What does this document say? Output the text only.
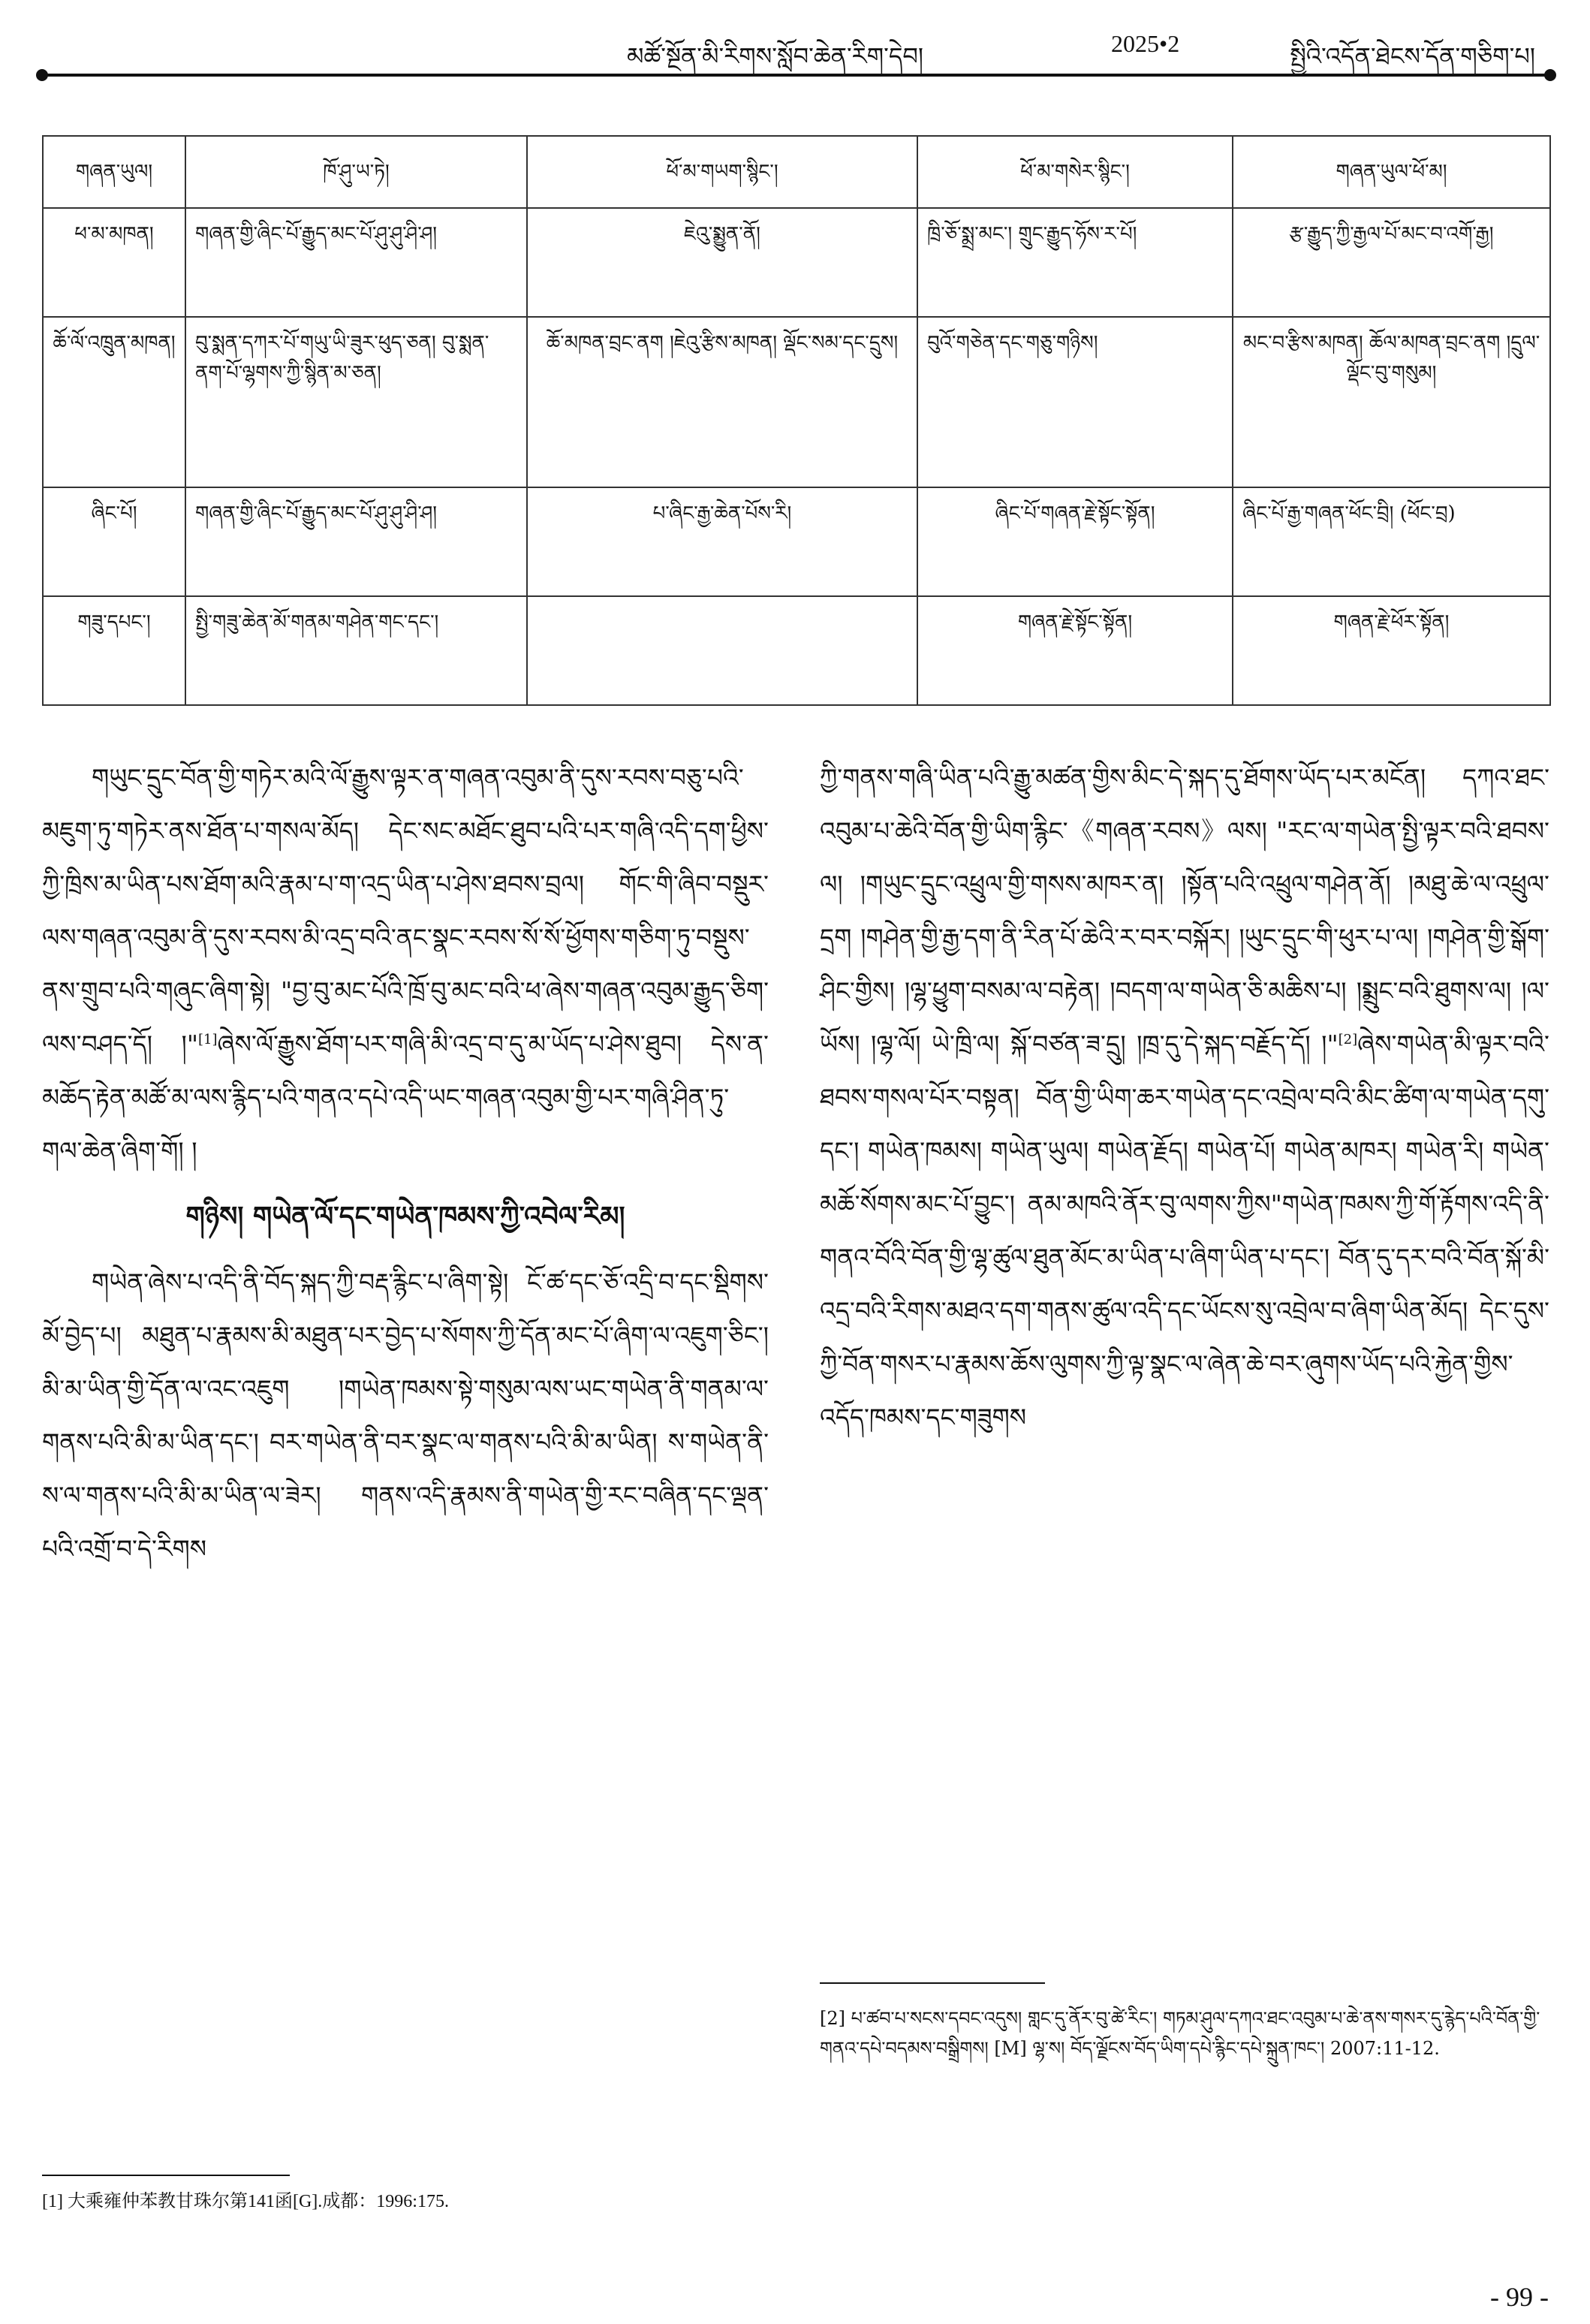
མཚོ་སྔོན་མི་རིགས་སློབ་ཆེན་རིག་དེབ།	2025•2	སྤྱིའི་འདོན་ཐེངས་དོན་གཅིག་པ།
གཞན་ཡུལ།	ཁོ་ཤུ་ཡ་ཏེ།	ཕོ་མ་གཡག་སྙིང་།	ཕོ་མ་གསེར་སྙིང་།	གཞན་ཡུལ་ཕོ་མ།
ཕ་མ་མཁན།	གཞན་གྱི་ཞིང་པོ་རྒྱུད་མང་པོ་ཤུ་ཤུ་ཤི་ཤ།	ཇེའུ་སྨྱུན་ནོ།	ཁྲི་ཅོ་སྨྲ་མང་། གྲུང་རྒྱུད་ཧོས་ར་པོ།	རྩ་རྒྱུད་ཀྱི་རྒྱལ་པོ་མང་བ་འགོ་རྒྱ།
ཆོ་ལོ་འཁྲུན་མཁན།	བུ་སྨན་དཀར་པོ་གཡུ་ཡི་ཟུར་ཕུད་ཅན། བུ་སྨན་ནག་པོ་ལྷགས་ཀྱི་སྙིན་མ་ཅན།	ཆོ་མཁན་བྲང་ནག །ཇེའུ་རྩིས་མཁན། ལྡོང་སམ་དང་དྲུས།	བུའོ་གཅེན་དང་གཅུ་གཉིས།	མང་བ་རྩིས་མཁན། ཆོལ་མཁན་བྲང་ནག །དྲུལ་ལྡོང་བུ་གསུམ།
ཞིང་པོ།	གཞན་གྱི་ཞིང་པོ་རྒྱུད་མང་པོ་ཤུ་ཤུ་ཤི་ཤ།	པ་ཞིང་རྒྱ་ཆེན་པོས་རི།	ཞིང་པོ་གཞན་རྗེ་སྟོང་སྟོན།	ཞིང་པོ་རྒྱ་གཞན་ཕོང་བྲི། (ཕོང་བྲ)
གཟུ་དཔང་།	སྤྱི་གཟུ་ཆེན་མོ་གནམ་གཤེན་གང་དང་།		གཞན་རྗེ་སྟོང་སྟོན།	གཞན་རྗེ་ཕོར་སྟོན།

གཡུང་དྲུང་བོན་གྱི་གཏེར་མའི་ལོ་རྒྱུས་ལྟར་ན་གཞན་འབུམ་ནི་དུས་རབས་བཅུ་པའི་མཇུག་ཏུ་གཏེར་ནས་ཐོན་པ་གསལ་མོད། དེང་སང་མཐོང་ཐུབ་པའི་པར་གཞི་འདི་དག་ཕྱིས་ཀྱི་ཁྲིས་མ་ཡིན་པས་ཐོག་མའི་རྣམ་པ་ག་འདྲ་ཡིན་པ་ཤེས་ཐབས་བྲལ། གོང་གི་ཞིབ་བསྡུར་ལས་གཞན་འབུམ་ནི་དུས་རབས་མི་འདྲ་བའི་ནང་སྣང་རབས་སོ་སོ་ཕྱོགས་གཅིག་ཏུ་བསྡུས་ནས་གྲུབ་པའི་གཞུང་ཞིག་སྟེ། "བྱ་བུ་མང་པོའི་ཁྲོ་བུ་མང་བའི་ཕ་ཞེས་གཞན་འབུམ་རྒྱུད་ཅིག་ལས་བཤད་དོ། །"[1]ཞེས་ལོ་རྒྱུས་ཐོག་པར་གཞི་མི་འདྲ་བ་དུ་མ་ཡོད་པ་ཤེས་ཐུབ། དེས་ན་མཆོད་རྟེན་མཚོ་མ་ལས་རྙིད་པའི་གནའ་དཔེ་འདི་ཡང་གཞན་འབུམ་གྱི་པར་གཞི་ཤིན་ཏུ་གལ་ཆེན་ཞིག་གོ། །

གཉིས། གཡེན་ལོ་དང་གཡེན་ཁམས་ཀྱི་འབེལ་རིམ།

གཡེན་ཞེས་པ་འདི་ནི་བོད་སྐད་ཀྱི་བརྡ་རྙིང་པ་ཞིག་སྟེ། ངོ་ཚ་དང་ཅོ་འདྲི་བ་དང་སྡིགས་མོ་བྱེད་པ། མཐུན་པ་རྣམས་མི་མཐུན་པར་བྱེད་པ་སོགས་ཀྱི་དོན་མང་པོ་ཞིག་ལ་འཇུག་ཅིང་། མི་མ་ཡིན་གྱི་དོན་ལ་འང་འཇུག །གཡེན་ཁམས་སྟེ་གསུམ་ལས་ཡང་གཡེན་ནི་གནམ་ལ་གནས་པའི་མི་མ་ཡིན་དང་། བར་གཡེན་ནི་བར་སྣང་ལ་གནས་པའི་མི་མ་ཡིན། ས་གཡེན་ནི་ས་ལ་གནས་པའི་མི་མ་ཡིན་ལ་ཟེར། གནས་འདི་རྣམས་ནི་གཡེན་གྱི་རང་བཞིན་དང་ལྡན་པའི་འགྲོ་བ་དེ་རིགས

ཀྱི་གནས་གཞི་ཡིན་པའི་རྒྱུ་མཚན་གྱིས་མིང་དེ་སྐད་དུ་ཐོགས་ཡོད་པར་མངོན། དཀའ་ཐང་འབུམ་པ་ཆེའི་བོན་གྱི་ཡིག་རྙིང་《གཞན་རབས》ལས། "རང་ལ་གཡེན་སྤྱི་ལྟར་བའི་ཐབས་ལ། །གཡུང་དྲུང་འཕྲུལ་གྱི་གསས་མཁར་ན། །སྟོན་པའི་འཕྲུལ་གཤེན་ནོ། །མཐུ་ཆེ་ལ་འཕྲུལ་དྲག །གཤེན་གྱི་རྒྱ་དག་ནི་རིན་པོ་ཆེའི་ར་བར་བསྐོར། །ཡུང་དྲུང་གི་ཕུར་པ་ལ། །གཤེན་གྱི་སྒོག་ཤིང་གྱིས། །ལྷ་ཕྱུག་བསམ་ལ་བརྟེན། །བདག་ལ་གཡེན་ཅི་མཆིས་པ། །སྨྲུང་བའི་ཐུགས་ལ། །ལ་ཡོས། །ལྷ་ལོ། ཡེ་ཁྲི་ལ། སྐོ་བཙན་ཟ་དྲུ། །ཁྲ་དུ་དེ་སྐད་བརྗོད་དོ། །"[2]ཞེས་གཡེན་མི་ལྟར་བའི་ཐབས་གསལ་པོར་བསྟན། བོན་གྱི་ཡིག་ཆར་གཡེན་དང་འབྲེལ་བའི་མིང་ཚིག་ལ་གཡེན་དགུ་དང་། གཡེན་ཁམས། གཡེན་ཡུལ། གཡེན་རྗོད། གཡེན་པོ། གཡེན་མཁར། གཡེན་རི། གཡེན་མཆོ་སོགས་མང་པོ་བྱུང་། ནམ་མཁའི་ནོར་བུ་ལགས་ཀྱིས"གཡེན་ཁམས་ཀྱི་གོ་རྟོགས་འདི་ནི་གནའ་བོའི་བོན་གྱི་ལྷ་ཚུལ་ཐུན་མོང་མ་ཡིན་པ་ཞིག་ཡིན་པ་དང་། བོན་དུ་དར་བའི་བོན་སྐོ་མི་འདྲ་བའི་རིགས་མཐའ་དག་གནས་ཚུལ་འདི་དང་ཡོངས་སུ་འབྲེལ་བ་ཞིག་ཡིན་མོད། དེང་དུས་ཀྱི་བོན་གསར་པ་རྣམས་ཆོས་ལུགས་ཀྱི་ལྟ་སྣང་ལ་ཞེན་ཆེ་བར་ཞུགས་ཡོད་པའི་རྐྱེན་གྱིས་འདོད་ཁམས་དང་གཟུགས

[2] པ་ཚབ་པ་སངས་དབང་འདུས། གླང་དུ་ནོར་བུ་ཚེ་རིང་། གཏམ་ཤུལ་དཀའ་ཐང་འབུམ་པ་ཆེ་ནས་གསར་དུ་རྙེད་པའི་བོན་གྱི་གནའ་དཔེ་བདམས་བསྒྲིགས། [M] ལྷ་ས། བོད་ལྗོངས་བོད་ཡིག་དཔེ་རྙིང་དཔེ་སྐྲུན་ཁང་། 2007:11-12.
[1] 大乘雍仲苯教甘珠尔第141函[G].成都：1996:175.
- 99 -
